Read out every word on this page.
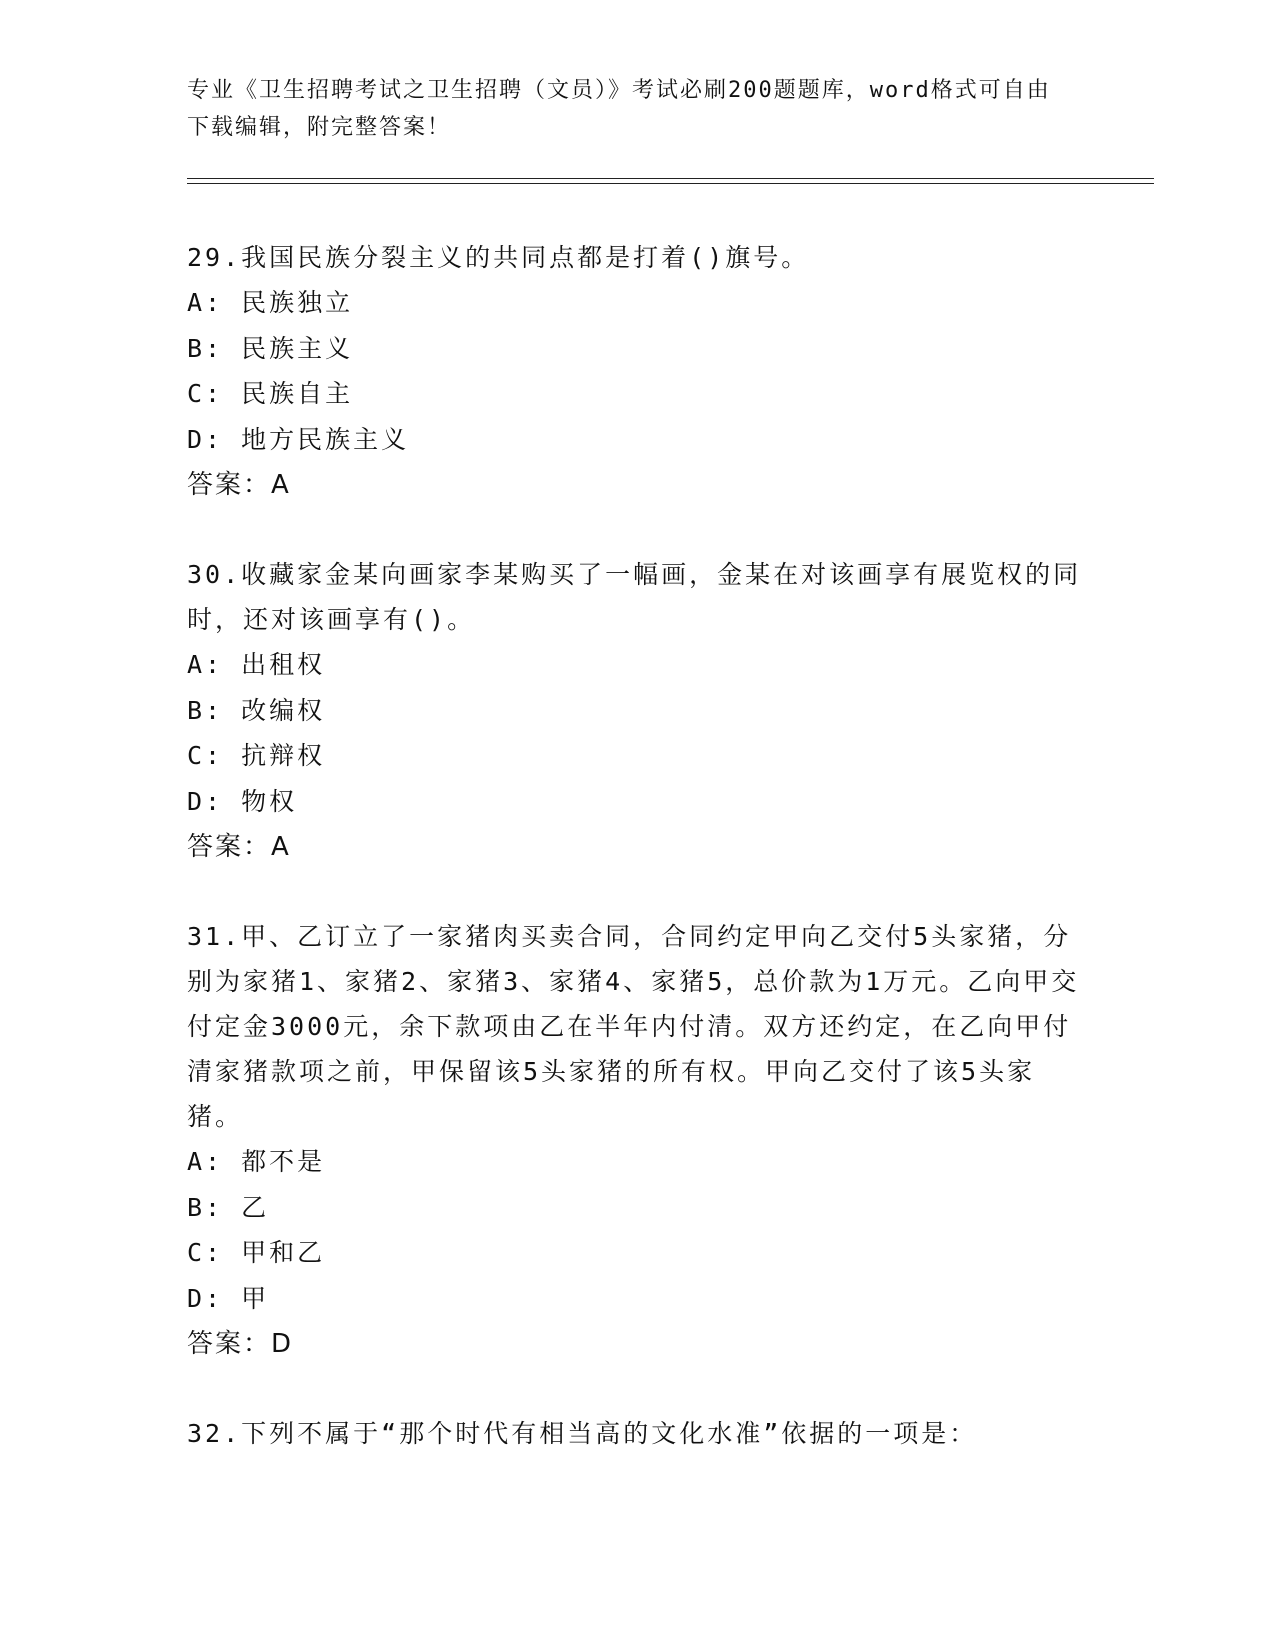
专业《卫生招聘考试之卫生招聘（文员）》考试必刷200题题库，word格式可自由下载编辑，附完整答案！

29.我国民族分裂主义的共同点都是打着()旗号。

A: 民族独立

B: 民族主义

C: 民族自主

D: 地方民族主义

答案：A

30.收藏家金某向画家李某购买了一幅画，金某在对该画享有展览权的同时，还对该画享有()。

A: 出租权

B: 改编权

C: 抗辩权

D: 物权

答案：A

31.甲、乙订立了一家猪肉买卖合同，合同约定甲向乙交付5头家猪，分别为家猪1、家猪2、家猪3、家猪4、家猪5，总价款为1万元。乙向甲交付定金3000元，余下款项由乙在半年内付清。双方还约定，在乙向甲付清家猪款项之前，甲保留该5头家猪的所有权。甲向乙交付了该5头家猪。

A: 都不是

B: 乙

C: 甲和乙

D: 甲

答案：D

32.下列不属于“那个时代有相当高的文化水准”依据的一项是：
